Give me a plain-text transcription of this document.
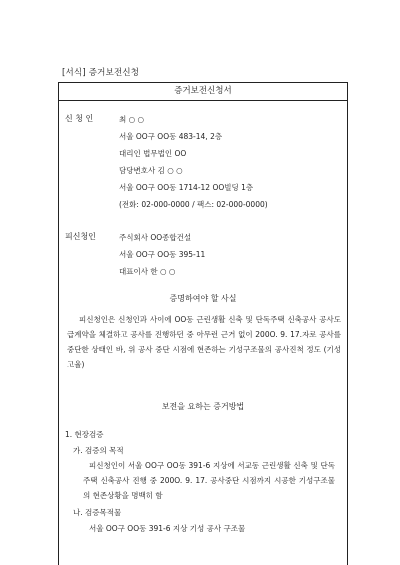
[서식] 증거보전신청
증거보전신청서
신 청 인	최 ○ ○
서울 OO구 OO동 483-14, 2층
대리인 법무법인 OO
담당변호사 김 ○ ○
서울 OO구 OO동 1714-12 OO빌딩 1층
(전화: 02-000-0000 / 팩스: 02-000-0000)
피신청인	주식회사 OO종합건설
서울 OO구 OO동 395-11
대표이사 한 ○ ○
증명하여야 할 사실
피신청인은 신청인과 사이에 OO동 근린생활 신축 및 단독주택 신축공사 공사도급계약을 체결하고 공사를 진행하던 중 아무런 근거 없이 200O. 9. 17.자로 공사를 중단한 상태인 바, 위 공사 중단 시점에 현존하는 기성구조물의 공사진척 정도 (기성고율)
보전을 요하는 증거방법
1. 현장검증
가. 검증의 목적
피신청인이 서울 OO구 OO동 391-6 지상에 서교동 근린생활 신축 및 단독주택 신축공사 진행 중 200O. 9. 17. 공사중단 시점까지 시공한 기성구조물의 현존상황을 명백히 함
나. 검증목적물
서울 OO구 OO동 391-6 지상 기성 공사 구조물
